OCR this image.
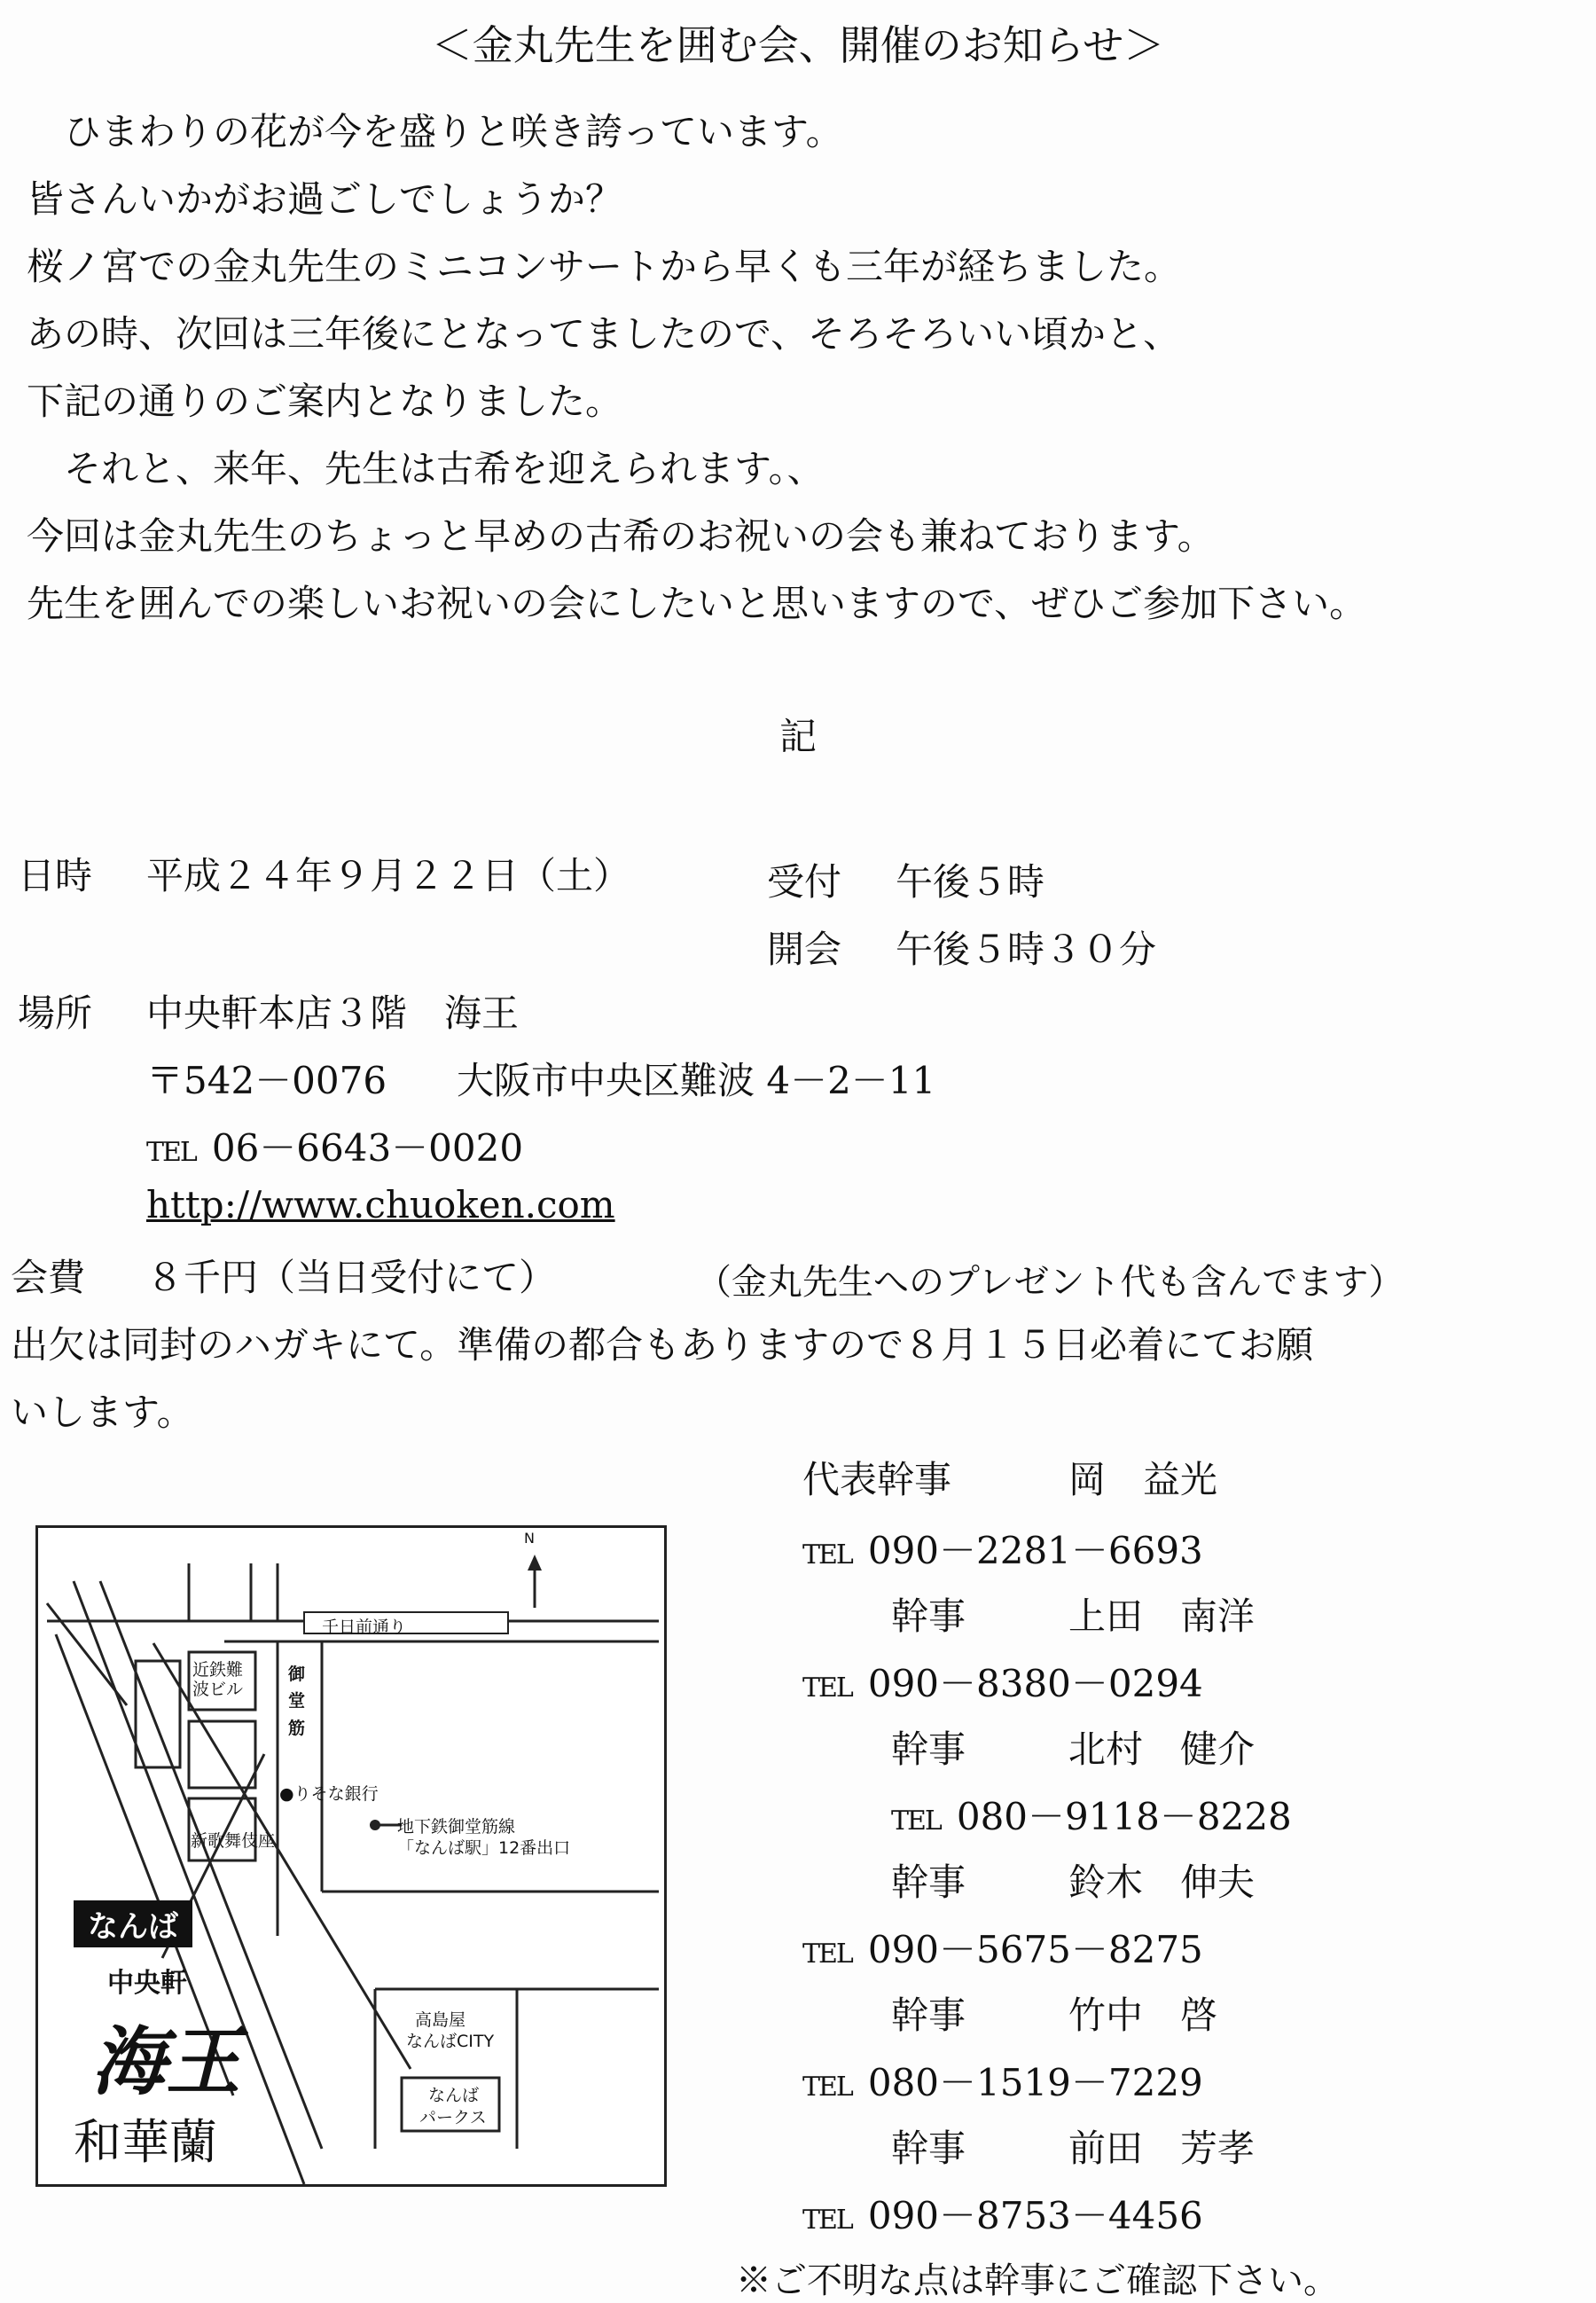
＜金丸先生を囲む会、開催のお知らせ＞
　ひまわりの花が今を盛りと咲き誇っています。
皆さんいかがお過ごしでしょうか？
桜ノ宮での金丸先生のミニコンサートから早くも三年が経ちました。
あの時、次回は三年後にとなってましたので、そろそろいい頃かと、
下記の通りのご案内となりました。
　それと、来年、先生は古希を迎えられます。、
今回は金丸先生のちょっと早めの古希のお祝いの会も兼ねております。
先生を囲んでの楽しいお祝いの会にしたいと思いますので、ぜひご参加下さい。
記
日時 平成２４年９月２２日（土）	受付 午後５時
開会 午後５時３０分
場所 中央軒本店３階　海王
〒542－0076 大阪市中央区難波 4－2－11
TEL 06－6643－0020
http://www.chuoken.com
会費 ８千円（当日受付にて）	（金丸先生へのプレゼント代も含んでます）
出欠は同封のハガキにて。準備の都合もありますので８月１５日必着にてお願
いします。
代表幹事	岡　益光
TEL 090－2281－6693
幹事	上田　南洋
TEL 090－8380－0294
幹事	北村　健介
TEL 080－9118－8228
幹事	鈴木　伸夫
TEL 090－5675－8275
幹事	竹中　啓
TEL 080－1519－7229
幹事	前田　芳孝
TEL 090－8753－4456
※ご不明な点は幹事にご確認下さい。
N
千日前通り
御堂筋
近鉄難波ビル
●りそな銀行
地下鉄御堂筋線
「なんば駅」12番出口
新歌舞伎座
高島屋
なんばCITY
なんば
パークス
なんば
中央軒
海王
和華蘭
